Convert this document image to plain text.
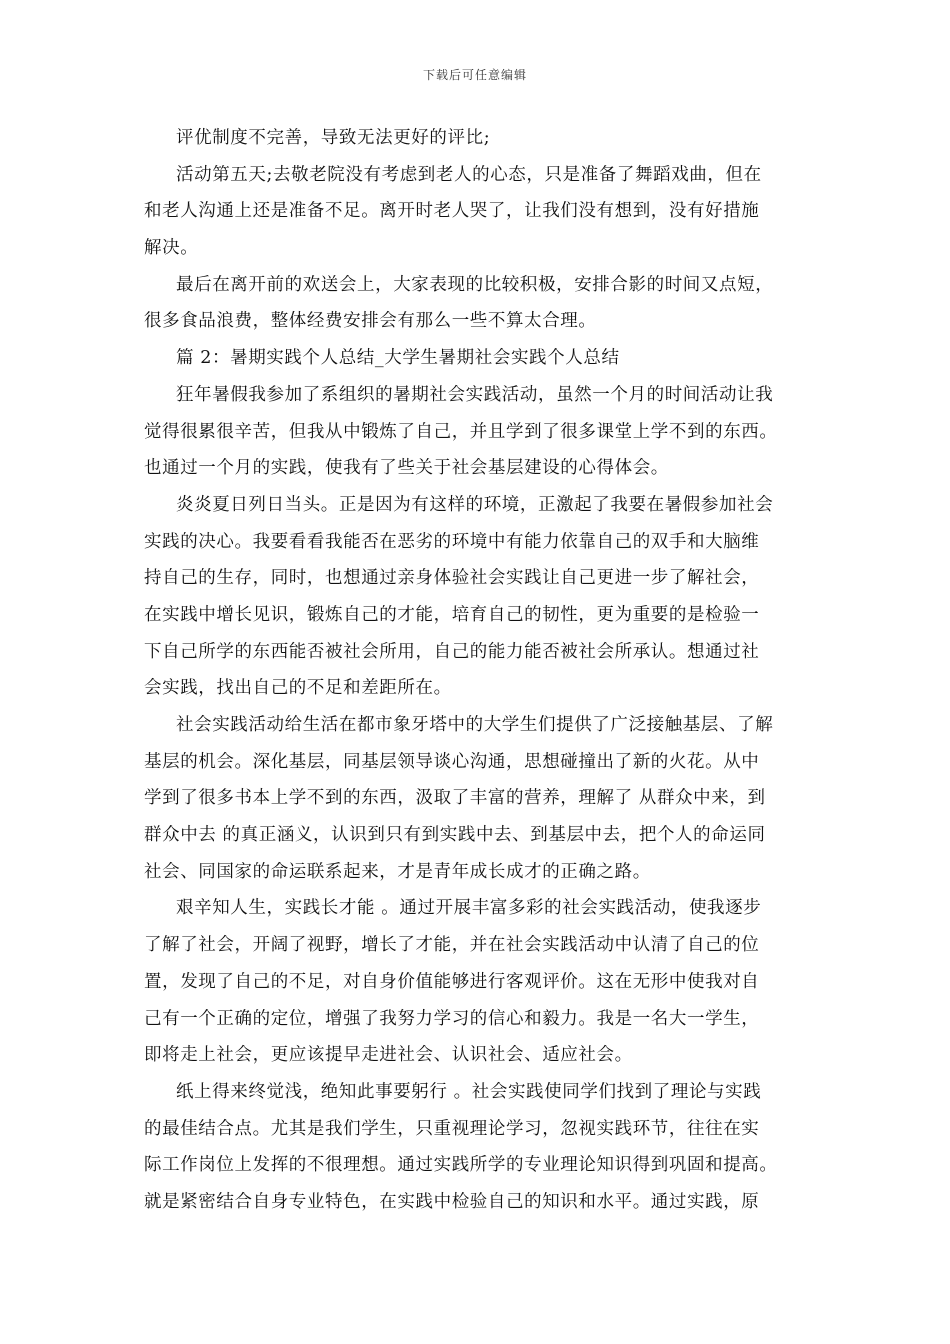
下载后可任意编辑
评优制度不完善，导致无法更好的评比;
活动第五天;去敬老院没有考虑到老人的心态，只是准备了舞蹈戏曲，但在
和老人沟通上还是准备不足。离开时老人哭了，让我们没有想到，没有好措施
解决。
最后在离开前的欢送会上，大家表现的比较积极，安排合影的时间又点短，
很多食品浪费，整体经费安排会有那么一些不算太合理。
篇 2：暑期实践个人总结_大学生暑期社会实践个人总结
狂年暑假我参加了系组织的暑期社会实践活动，虽然一个月的时间活动让我
觉得很累很辛苦，但我从中锻炼了自己，并且学到了很多课堂上学不到的东西。
也通过一个月的实践，使我有了些关于社会基层建设的心得体会。
炎炎夏日列日当头。正是因为有这样的环境，正激起了我要在暑假参加社会
实践的决心。我要看看我能否在恶劣的环境中有能力依靠自己的双手和大脑维
持自己的生存，同时，也想通过亲身体验社会实践让自己更进一步了解社会，
在实践中增长见识，锻炼自己的才能，培育自己的韧性，更为重要的是检验一
下自己所学的东西能否被社会所用，自己的能力能否被社会所承认。想通过社
会实践，找出自己的不足和差距所在。
社会实践活动给生活在都市象牙塔中的大学生们提供了广泛接触基层、了解
基层的机会。深化基层，同基层领导谈心沟通，思想碰撞出了新的火花。从中
学到了很多书本上学不到的东西，汲取了丰富的营养，理解了 从群众中来，到
群众中去 的真正涵义，认识到只有到实践中去、到基层中去，把个人的命运同
社会、同国家的命运联系起来，才是青年成长成才的正确之路。
艰辛知人生，实践长才能 。通过开展丰富多彩的社会实践活动，使我逐步
了解了社会，开阔了视野，增长了才能，并在社会实践活动中认清了自己的位
置，发现了自己的不足，对自身价值能够进行客观评价。这在无形中使我对自
己有一个正确的定位，增强了我努力学习的信心和毅力。我是一名大一学生，
即将走上社会，更应该提早走进社会、认识社会、适应社会。
纸上得来终觉浅，绝知此事要躬行 。社会实践使同学们找到了理论与实践
的最佳结合点。尤其是我们学生，只重视理论学习，忽视实践环节，往往在实
际工作岗位上发挥的不很理想。通过实践所学的专业理论知识得到巩固和提高。
就是紧密结合自身专业特色，在实践中检验自己的知识和水平。通过实践，原
